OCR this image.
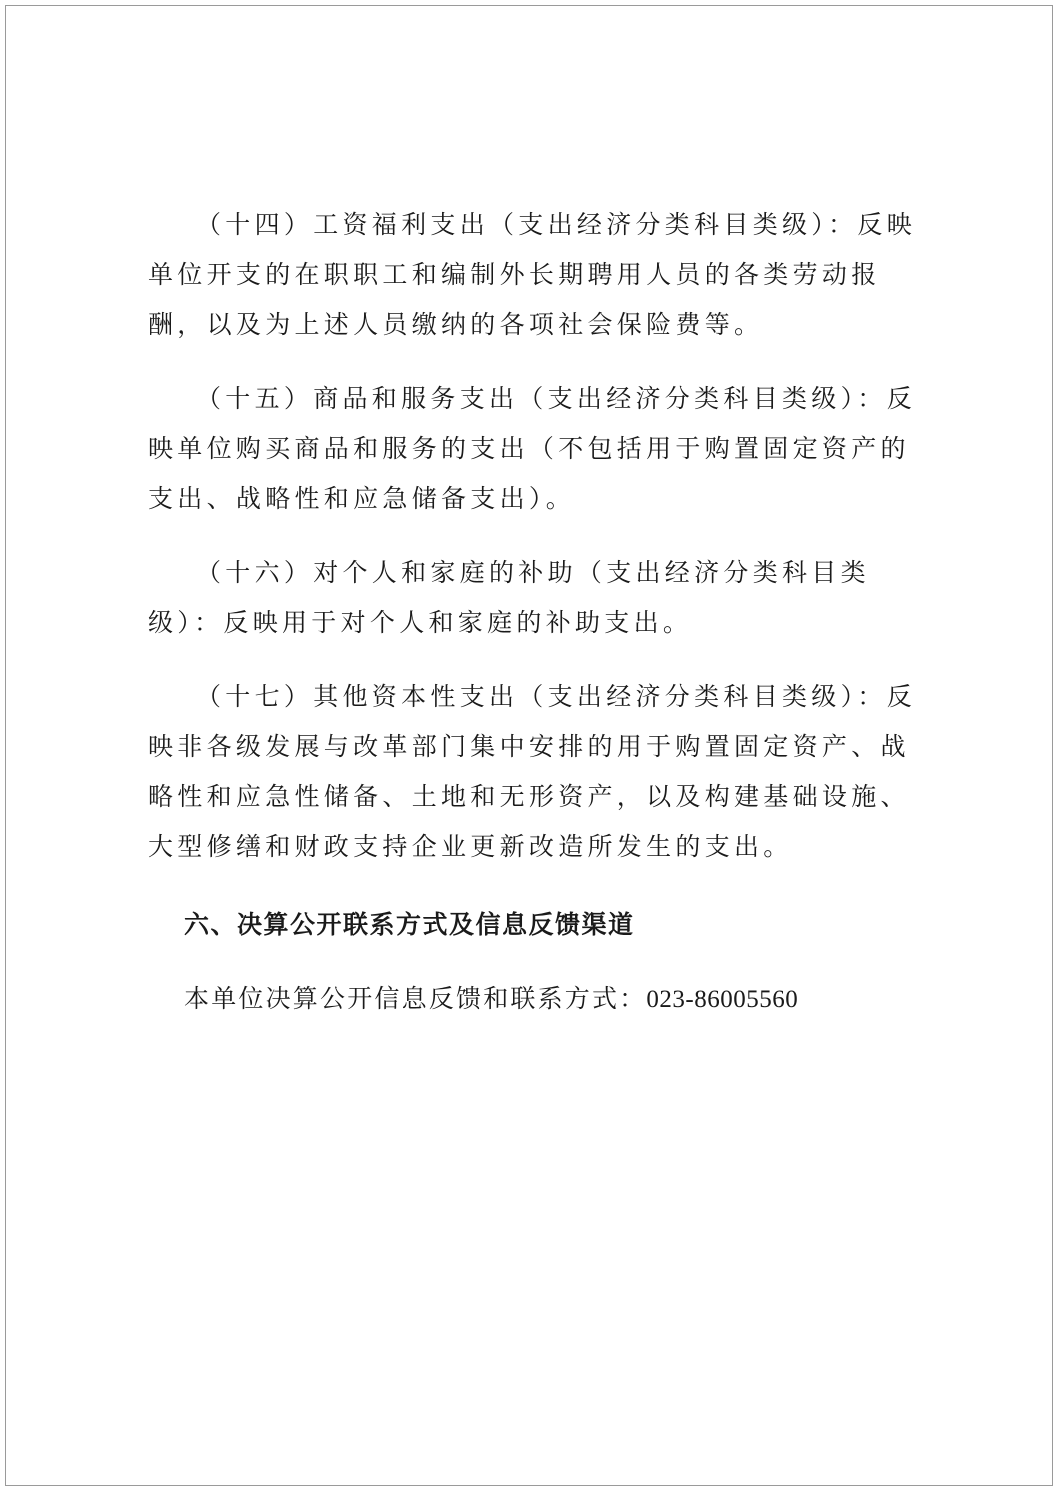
（十四）工资福利支出（支出经济分类科目类级）：反映单位开支的在职职工和编制外长期聘用人员的各类劳动报酬，以及为上述人员缴纳的各项社会保险费等。

（十五）商品和服务支出（支出经济分类科目类级）：反映单位购买商品和服务的支出（不包括用于购置固定资产的支出、战略性和应急储备支出）。

（十六）对个人和家庭的补助（支出经济分类科目类级）：反映用于对个人和家庭的补助支出。

（十七）其他资本性支出（支出经济分类科目类级）：反映非各级发展与改革部门集中安排的用于购置固定资产、战略性和应急性储备、土地和无形资产，以及构建基础设施、大型修缮和财政支持企业更新改造所发生的支出。

六、决算公开联系方式及信息反馈渠道

本单位决算公开信息反馈和联系方式：023-86005560
